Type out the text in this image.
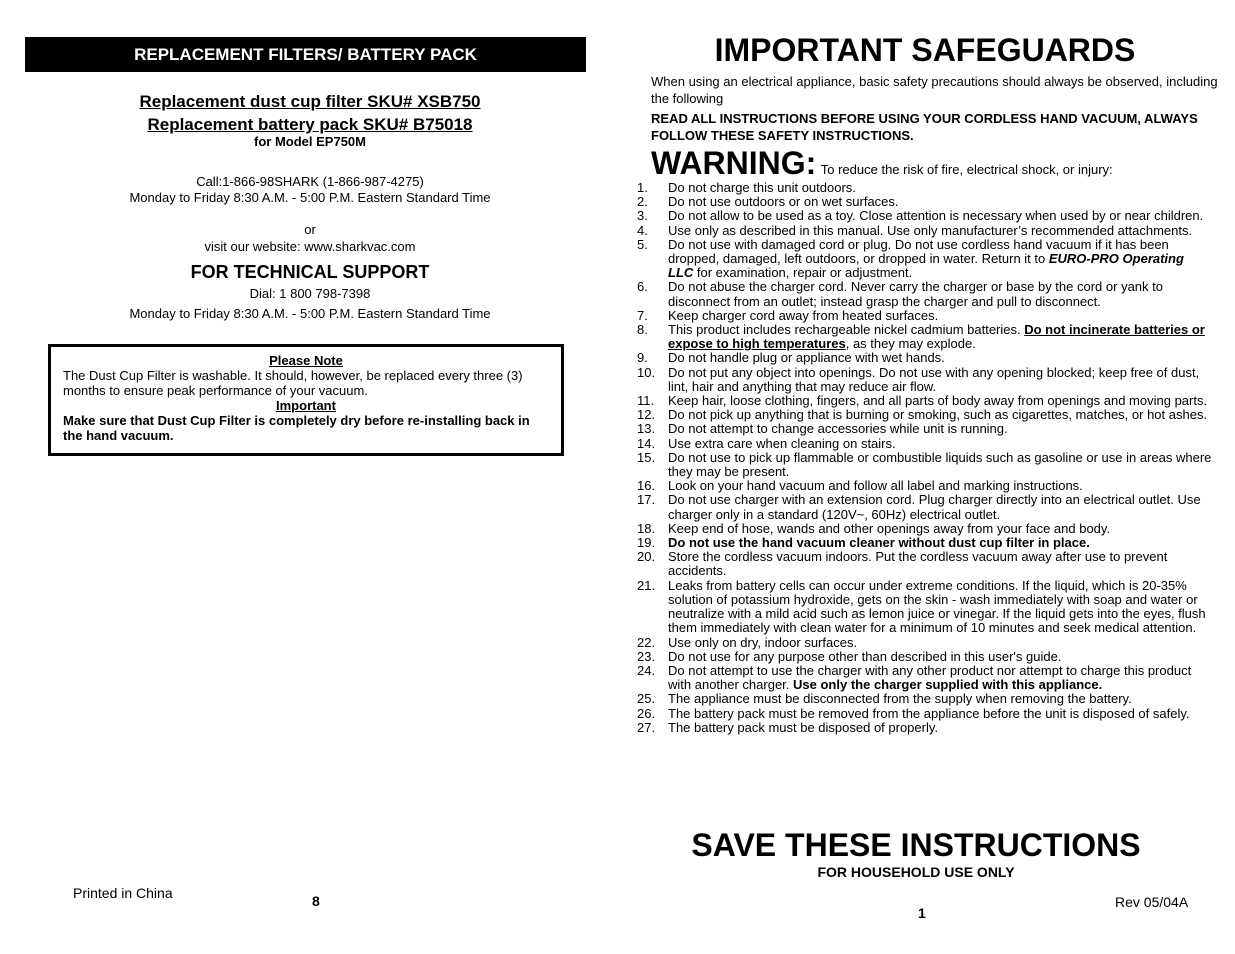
REPLACEMENT FILTERS/ BATTERY PACK
Replacement dust cup filter SKU# XSB750
Replacement battery pack SKU# B75018
for Model EP750M
Call:1-866-98SHARK (1-866-987-4275)
Monday to Friday 8:30 A.M. - 5:00 P.M. Eastern Standard Time
or
visit our website: www.sharkvac.com
FOR TECHNICAL SUPPORT
Dial: 1 800 798-7398
Monday to Friday 8:30 A.M. - 5:00 P.M. Eastern Standard Time
Please Note
The Dust Cup Filter is washable. It should, however, be replaced every three (3) months to ensure peak performance of your vacuum.
Important
Make sure that Dust Cup Filter is completely dry before re-installing back in the hand vacuum.
Printed in China	8
IMPORTANT SAFEGUARDS
When using an electrical appliance, basic safety precautions should always be observed, including the following
READ ALL INSTRUCTIONS BEFORE USING YOUR CORDLESS HAND VACUUM, ALWAYS FOLLOW THESE SAFETY INSTRUCTIONS.
WARNING: To reduce the risk of fire, electrical shock, or injury:
1.	Do not charge this unit outdoors.
2.	Do not use outdoors or on wet surfaces.
3.	Do not allow to be used as a toy. Close attention is necessary when used by or near children.
4.	Use only as described in this manual. Use only manufacturer’s recommended attachments.
5.	Do not use with damaged cord or plug. Do not use cordless hand vacuum if it has been dropped, damaged, left outdoors, or dropped in water. Return it to EURO-PRO Operating LLC for examination, repair or adjustment.
6.	Do not abuse the charger cord. Never carry the charger or base by the cord or yank to disconnect from an outlet; instead grasp the charger and pull to disconnect.
7.	Keep charger cord away from heated surfaces.
8.	This product includes rechargeable nickel cadmium batteries. Do not incinerate batteries or expose to high temperatures, as they may explode.
9.	Do not handle plug or appliance with wet hands.
10. Do not put any object into openings. Do not use with any opening blocked; keep free of dust, lint, hair and anything that may reduce air flow.
11.	Keep hair, loose clothing, fingers, and all parts of body away from openings and moving parts.
12. Do not pick up anything that is burning or smoking, such as cigarettes, matches, or hot ashes.
13. Do not attempt to change accessories while unit is running.
14. Use extra care when cleaning on stairs.
15. Do not use to pick up flammable or combustible liquids such as gasoline or use in areas where they may be present.
16. Look on your hand vacuum and follow all label and marking instructions.
17. Do not use charger with an extension cord. Plug charger directly into an electrical outlet. Use charger only in a standard (120V~, 60Hz) electrical outlet.
18. Keep end of hose, wands and other openings away from your face and body.
19. Do not use the hand vacuum cleaner without dust cup filter in place.
20. Store the cordless vacuum indoors. Put the cordless vacuum away after use to prevent accidents.
21. Leaks from battery cells can occur under extreme conditions. If the liquid, which is 20-35% solution of potassium hydroxide, gets on the skin - wash immediately with soap and water or neutralize with a mild acid such as lemon juice or vinegar. If the liquid gets into the eyes, flush them immediately with clean water for a minimum of 10 minutes and seek medical attention.
22. Use only on dry, indoor surfaces.
23. Do not use for any purpose other than described in this user's guide.
24. Do not attempt to use the charger with any other product nor attempt to charge this product with another charger. Use only the charger supplied with this appliance.
25. The appliance must be disconnected from the supply when removing the battery.
26. The battery pack must be removed from the appliance before the unit is disposed of safely.
27. The battery pack must be disposed of properly.
SAVE THESE INSTRUCTIONS
FOR HOUSEHOLD USE ONLY
1
Rev 05/04A
